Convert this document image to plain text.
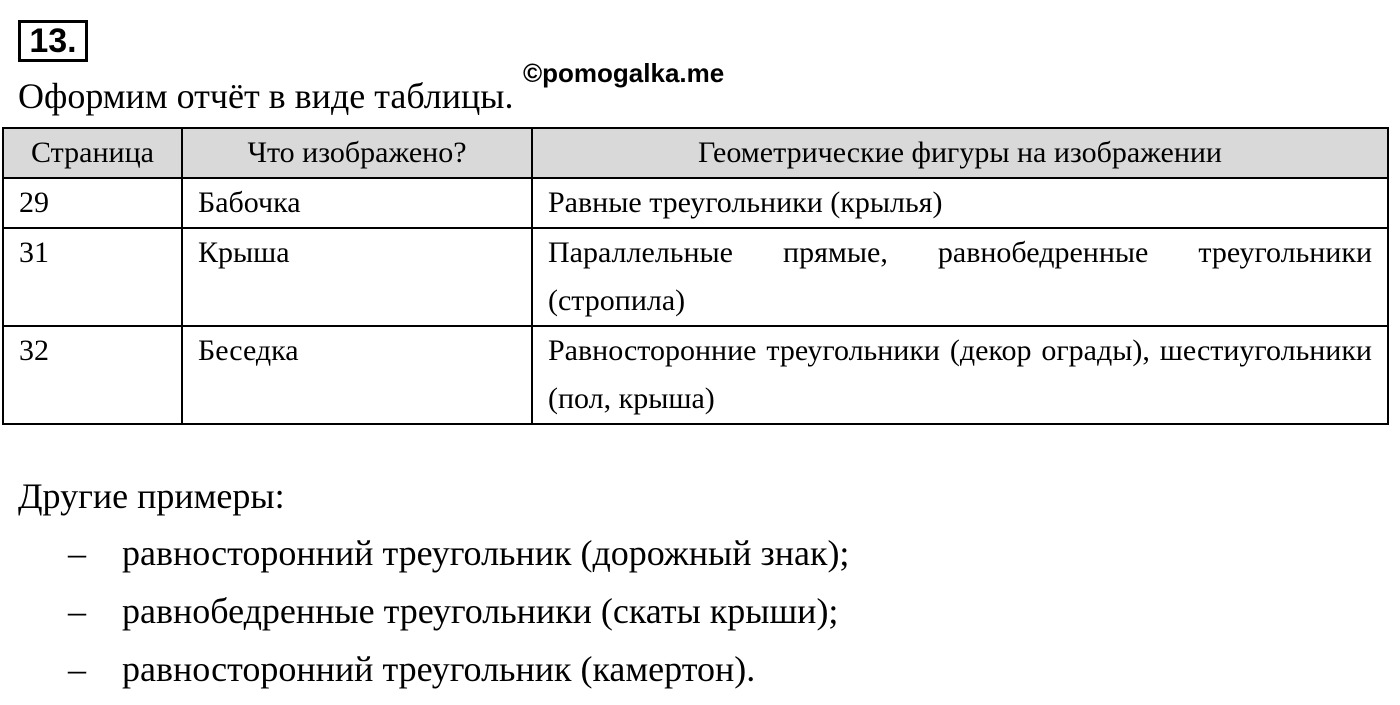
13.
Оформим отчёт в виде таблицы.
©pomogalka.me
Страница	Что изображено?	Геометрические фигуры на изображении
29	Бабочка	Равные треугольники (крылья)
31	Крыша	Параллельные прямые, равнобедренные треугольники (стропила)
32	Беседка	Равносторонние треугольники (декор ограды), шестиугольники (пол, крыша)
Другие примеры:
– равносторонний треугольник (дорожный знак);
– равнобедренные треугольники (скаты крыши);
– равносторонний треугольник (камертон).
